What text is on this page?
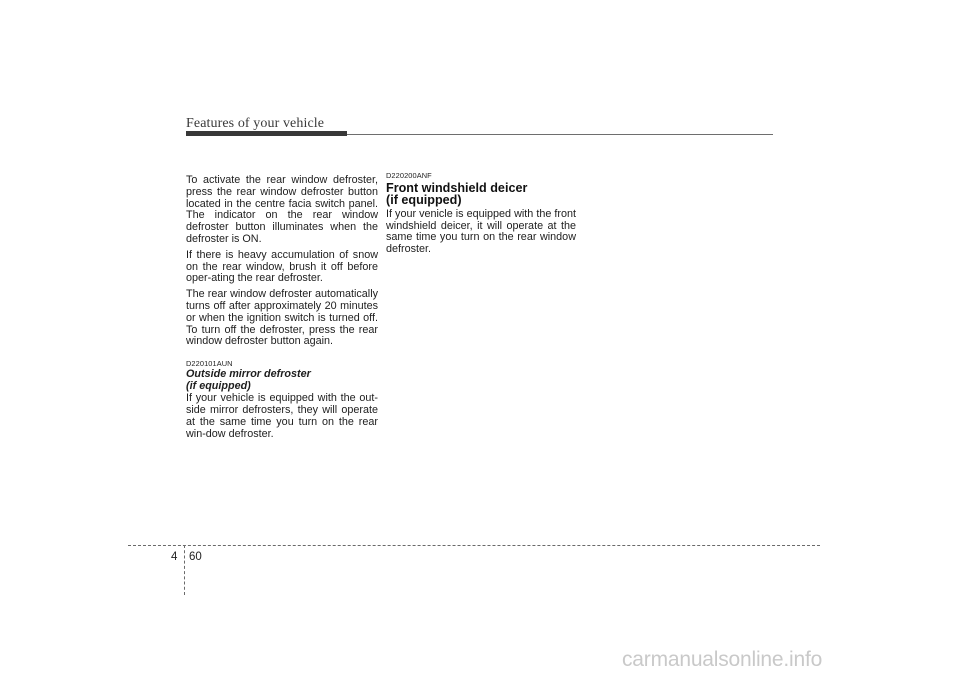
Features of your vehicle

To activate the rear window defroster, press the rear window defroster button located in the centre facia switch panel. The indicator on the rear window defroster button illuminates when the defroster is ON.

If there is heavy accumulation of snow on the rear window, brush it off before oper-ating the rear defroster.

The rear window defroster automatically turns off after approximately 20 minutes or when the ignition switch is turned off. To turn off the defroster, press the rear window defroster button again.

D220101AUN
Outside mirror defroster
(if equipped)

If your vehicle is equipped with the out-side mirror defrosters, they will operate at the same time you turn on the rear win-dow defroster.

D220200ANF
Front windshield deicer
(if equipped)

If your venicle is equipped with the front windshield deicer, it will operate at the same time you turn on the rear window defroster.

4 60
carmanualsonline.info
